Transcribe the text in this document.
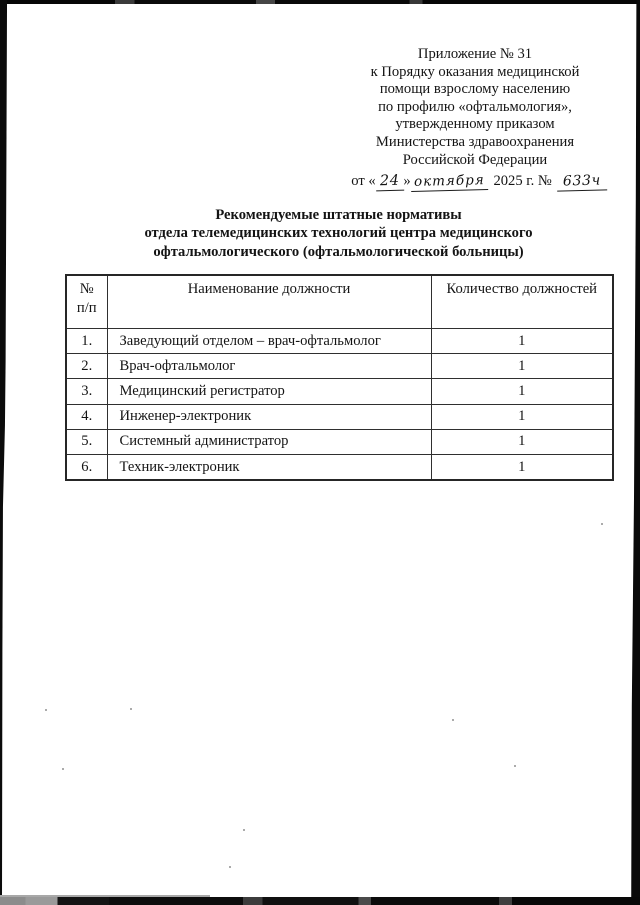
Приложение № 31
к Порядку оказания медицинской
помощи взрослому населению
по профилю «офтальмология»,
утвержденному приказом
Министерства здравоохранения
Российской Федерации
от « 24 » октября 2025 г. № 633ч
Рекомендуемые штатные нормативы
отдела телемедицинских технологий центра медицинского
офтальмологического (офтальмологической больницы)
№
п/п	Наименование должности	Количество должностей
1.	Заведующий отделом – врач-офтальмолог	1
2.	Врач-офтальмолог	1
3.	Медицинский регистратор	1
4.	Инженер-электроник	1
5.	Системный администратор	1
6.	Техник-электроник	1
